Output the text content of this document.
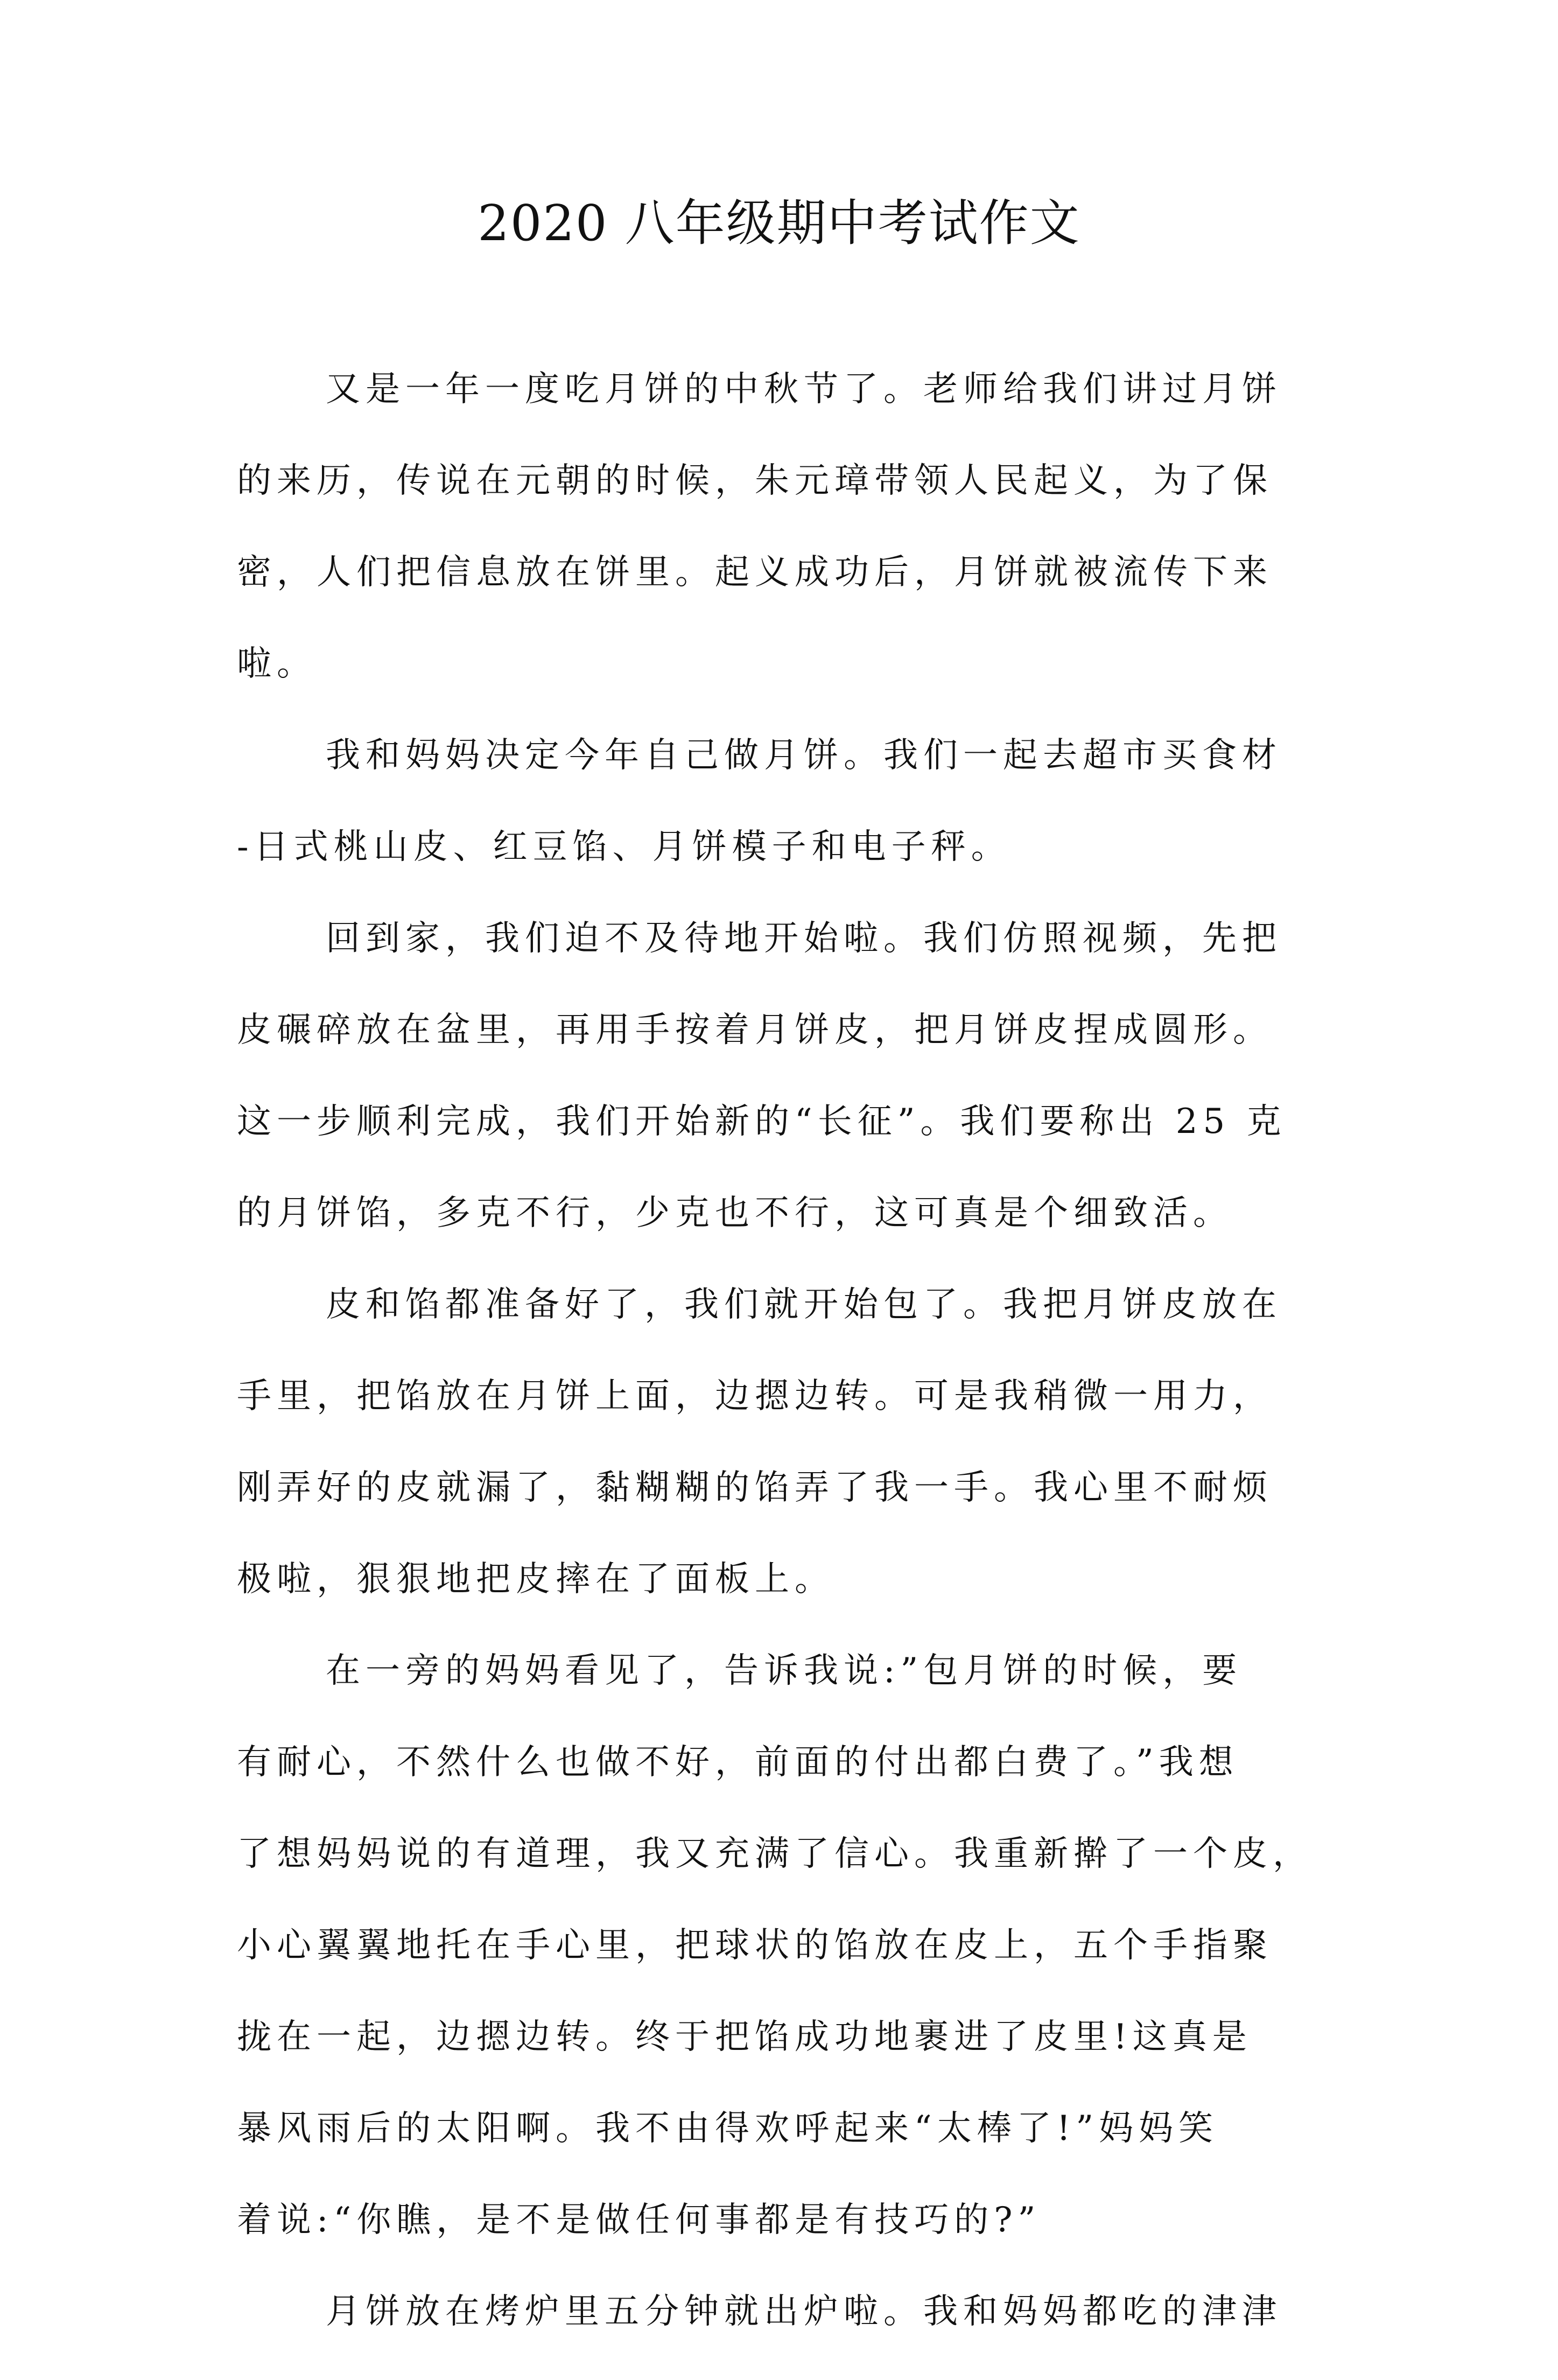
2020 八年级期中考试作文
又是一年一度吃月饼的中秋节了。老师给我们讲过月饼
的来历，传说在元朝的时候，朱元璋带领人民起义，为了保
密，人们把信息放在饼里。起义成功后，月饼就被流传下来
啦。
我和妈妈决定今年自己做月饼。我们一起去超市买食材
-日式桃山皮、红豆馅、月饼模子和电子秤。
回到家，我们迫不及待地开始啦。我们仿照视频，先把
皮碾碎放在盆里，再用手按着月饼皮，把月饼皮捏成圆形。
这一步顺利完成，我们开始新的“长征”。我们要称出 25 克
的月饼馅，多克不行，少克也不行，这可真是个细致活。
皮和馅都准备好了，我们就开始包了。我把月饼皮放在
手里，把馅放在月饼上面，边摁边转。可是我稍微一用力，
刚弄好的皮就漏了，黏糊糊的馅弄了我一手。我心里不耐烦
极啦，狠狠地把皮摔在了面板上。
在一旁的妈妈看见了，告诉我说:”包月饼的时候，要
有耐心，不然什么也做不好，前面的付出都白费了。”我想
了想妈妈说的有道理，我又充满了信心。我重新擀了一个皮，
小心翼翼地托在手心里，把球状的馅放在皮上，五个手指聚
拢在一起，边摁边转。终于把馅成功地裹进了皮里!这真是
暴风雨后的太阳啊。我不由得欢呼起来“太棒了!”妈妈笑
着说:“你瞧，是不是做任何事都是有技巧的?”
月饼放在烤炉里五分钟就出炉啦。我和妈妈都吃的津津
